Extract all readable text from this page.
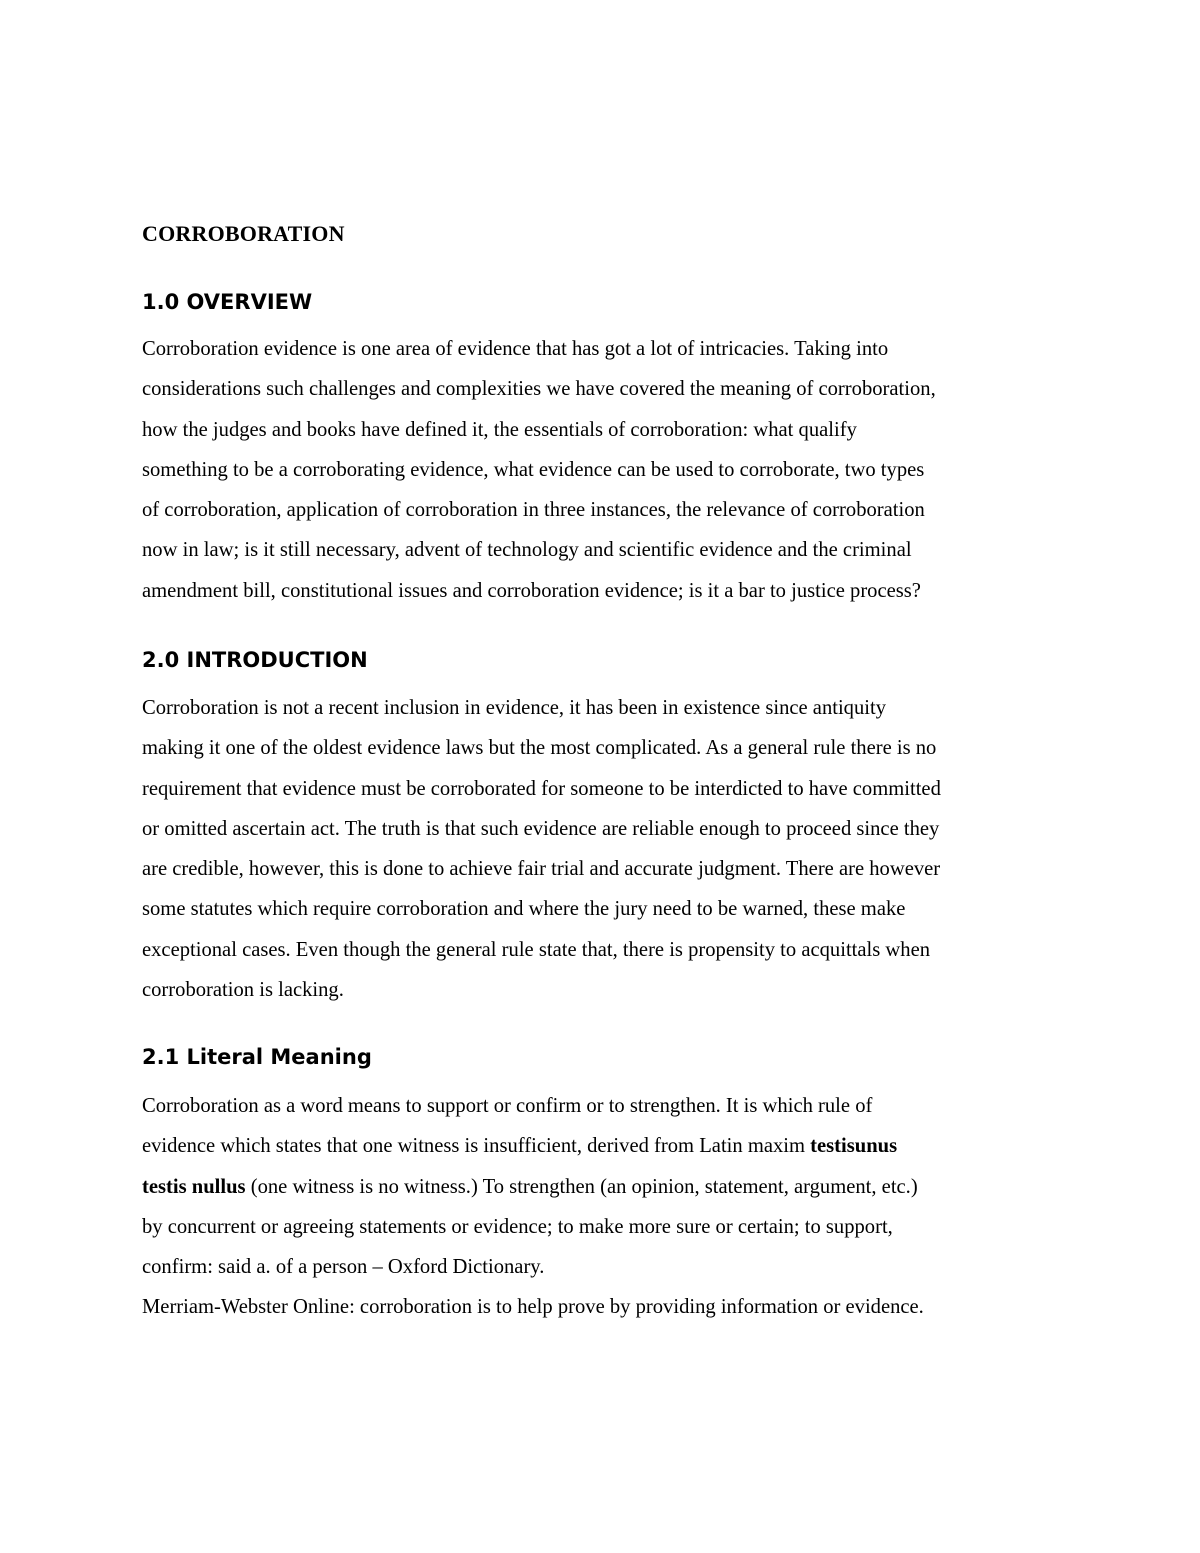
CORROBORATION
1.0 OVERVIEW
Corroboration evidence is one area of evidence that has got a lot of intricacies. Taking into
considerations such challenges and complexities we have covered the meaning of corroboration,
how the judges and books have defined it, the essentials of corroboration: what qualify
something to be a corroborating evidence, what evidence can be used to corroborate, two types
of corroboration, application of corroboration in three instances, the relevance of corroboration
now in law; is it still necessary, advent of technology and scientific evidence and the criminal
amendment bill, constitutional issues and corroboration evidence; is it a bar to justice process?
2.0 INTRODUCTION
Corroboration is not a recent inclusion in evidence, it has been in existence since antiquity
making it one of the oldest evidence laws but the most complicated. As a general rule there is no
requirement that evidence must be corroborated for someone to be interdicted to have committed
or omitted ascertain act. The truth is that such evidence are reliable enough to proceed since they
are credible, however, this is done to achieve fair trial and accurate judgment. There are however
some statutes which require corroboration and where the jury need to be warned, these make
exceptional cases. Even though the general rule state that, there is propensity to acquittals when
corroboration is lacking.
2.1 Literal Meaning
Corroboration as a word means to support or confirm or to strengthen. It is which rule of
evidence which states that one witness is insufficient, derived from Latin maxim testisunus
testis nullus (one witness is no witness.) To strengthen (an opinion, statement, argument, etc.)
by concurrent or agreeing statements or evidence; to make more sure or certain; to support,
confirm: said a. of a person – Oxford Dictionary.
Merriam-Webster Online: corroboration is to help prove by providing information or evidence.
